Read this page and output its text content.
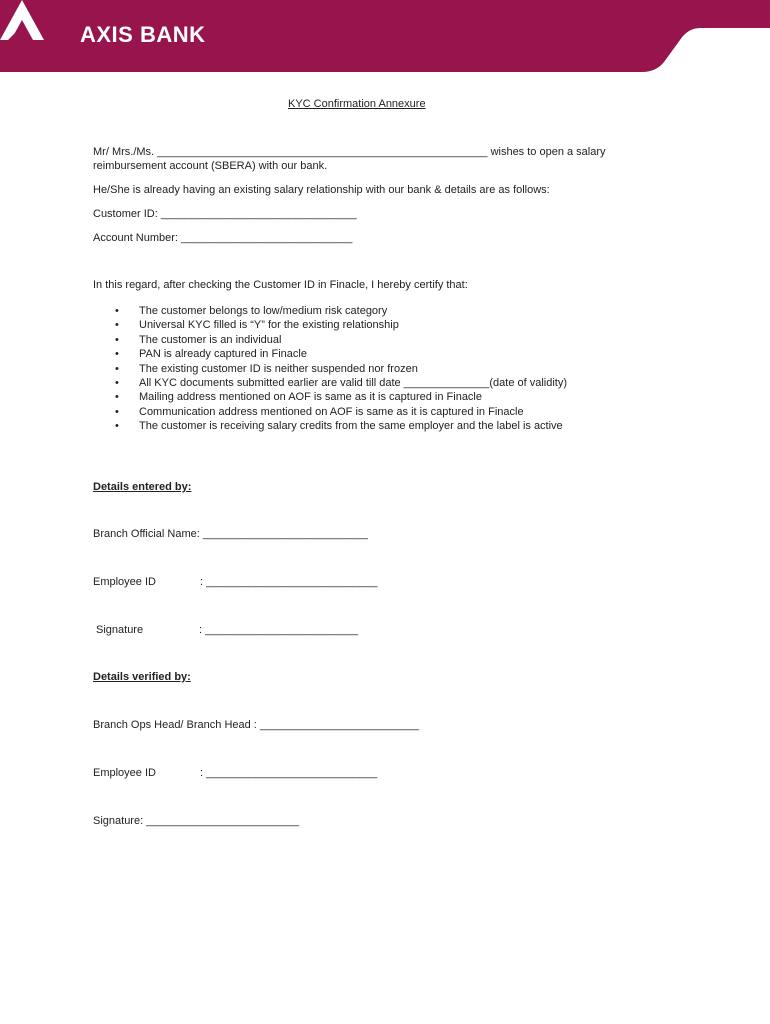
AXIS BANK
KYC Confirmation Annexure
Mr/ Mrs./Ms. ______________________________________________________ wishes to open a salary
reimbursement account (SBERA) with our bank.
He/She is already having an existing salary relationship with our bank & details are as follows:
Customer ID: ________________________________
Account Number: ____________________________
In this regard, after checking the Customer ID in Finacle, I hereby certify that:
• The customer belongs to low/medium risk category
• Universal KYC filled is “Y” for the existing relationship
• The customer is an individual
• PAN is already captured in Finacle
• The existing customer ID is neither suspended nor frozen
• All KYC documents submitted earlier are valid till date ______________(date of validity)
• Mailing address mentioned on AOF is same as it is captured in Finacle
• Communication address mentioned on AOF is same as it is captured in Finacle
• The customer is receiving salary credits from the same employer and the label is active
Details entered by:
Branch Official Name: ___________________________
Employee ID	: ____________________________
Signature	: _________________________
Details verified by:
Branch Ops Head/ Branch Head : __________________________
Employee ID	: ____________________________
Signature: _________________________
